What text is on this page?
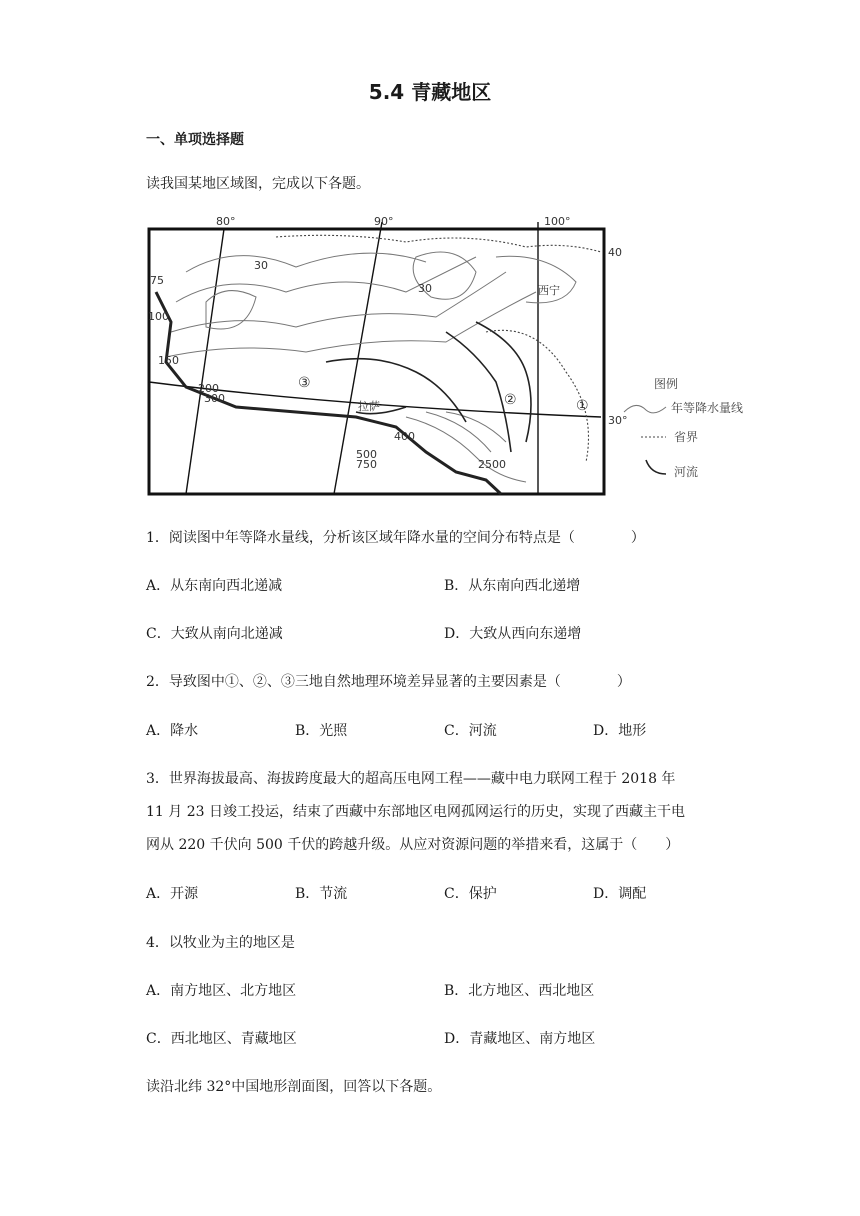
5.4 青藏地区
一、单项选择题
读我国某地区域图，完成以下各题。
80°	90°	100°
40
30°
30
30
75
100
150
200
300
400
500
750	2500
西宁
拉萨	①
②
③	图例
年等降水量线
省界
河流
1．阅读图中年等降水量线，分析该区域年降水量的空间分布特点是（　　　　）
A．从东南向西北递减	B．从东南向西北递增
C．大致从南向北递减	D．大致从西向东递增
2．导致图中①、②、③三地自然地理环境差异显著的主要因素是（　　　　）
A．降水	B．光照	C．河流	D．地形
3．世界海拔最高、海拔跨度最大的超高压电网工程——藏中电力联网工程于 2018 年
11 月 23 日竣工投运，结束了西藏中东部地区电网孤网运行的历史，实现了西藏主干电
网从 220 千伏向 500 千伏的跨越升级。从应对资源问题的举措来看，这属于（　　）
A．开源	B．节流	C．保护	D．调配
4．以牧业为主的地区是
A．南方地区、北方地区	B．北方地区、西北地区
C．西北地区、青藏地区	D．青藏地区、南方地区
读沿北纬 32°中国地形剖面图，回答以下各题。
